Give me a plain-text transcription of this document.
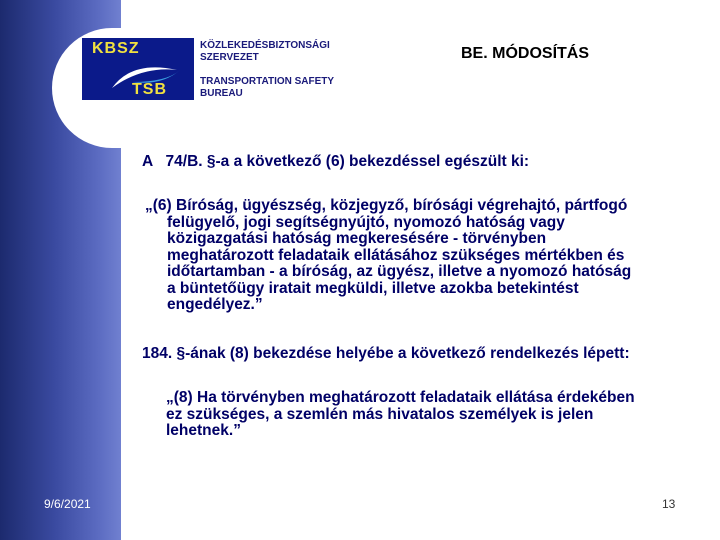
KBSZ
TSB
KÖZLEKEDÉSBIZTONSÁGI
SZERVEZET
TRANSPORTATION SAFETY
BUREAU
BE. MÓDOSÍTÁS
A   74/B. §-a a következő (6) bekezdéssel egészült ki:
„(6) Bíróság, ügyészség, közjegyző, bírósági végrehajtó, pártfogó
felügyelő, jogi segítségnyújtó, nyomozó hatóság vagy
közigazgatási hatóság megkeresésére - törvényben
meghatározott feladataik ellátásához szükséges mértékben és
időtartamban - a bíróság, az ügyész, illetve a nyomozó hatóság
a büntetőügy iratait megküldi, illetve azokba betekintést
engedélyez.”
184. §-ának (8) bekezdése helyébe a következő rendelkezés lépett:
„(8) Ha törvényben meghatározott feladataik ellátása érdekében
ez szükséges, a szemlén más hivatalos személyek is jelen
lehetnek.”
9/6/2021	13
